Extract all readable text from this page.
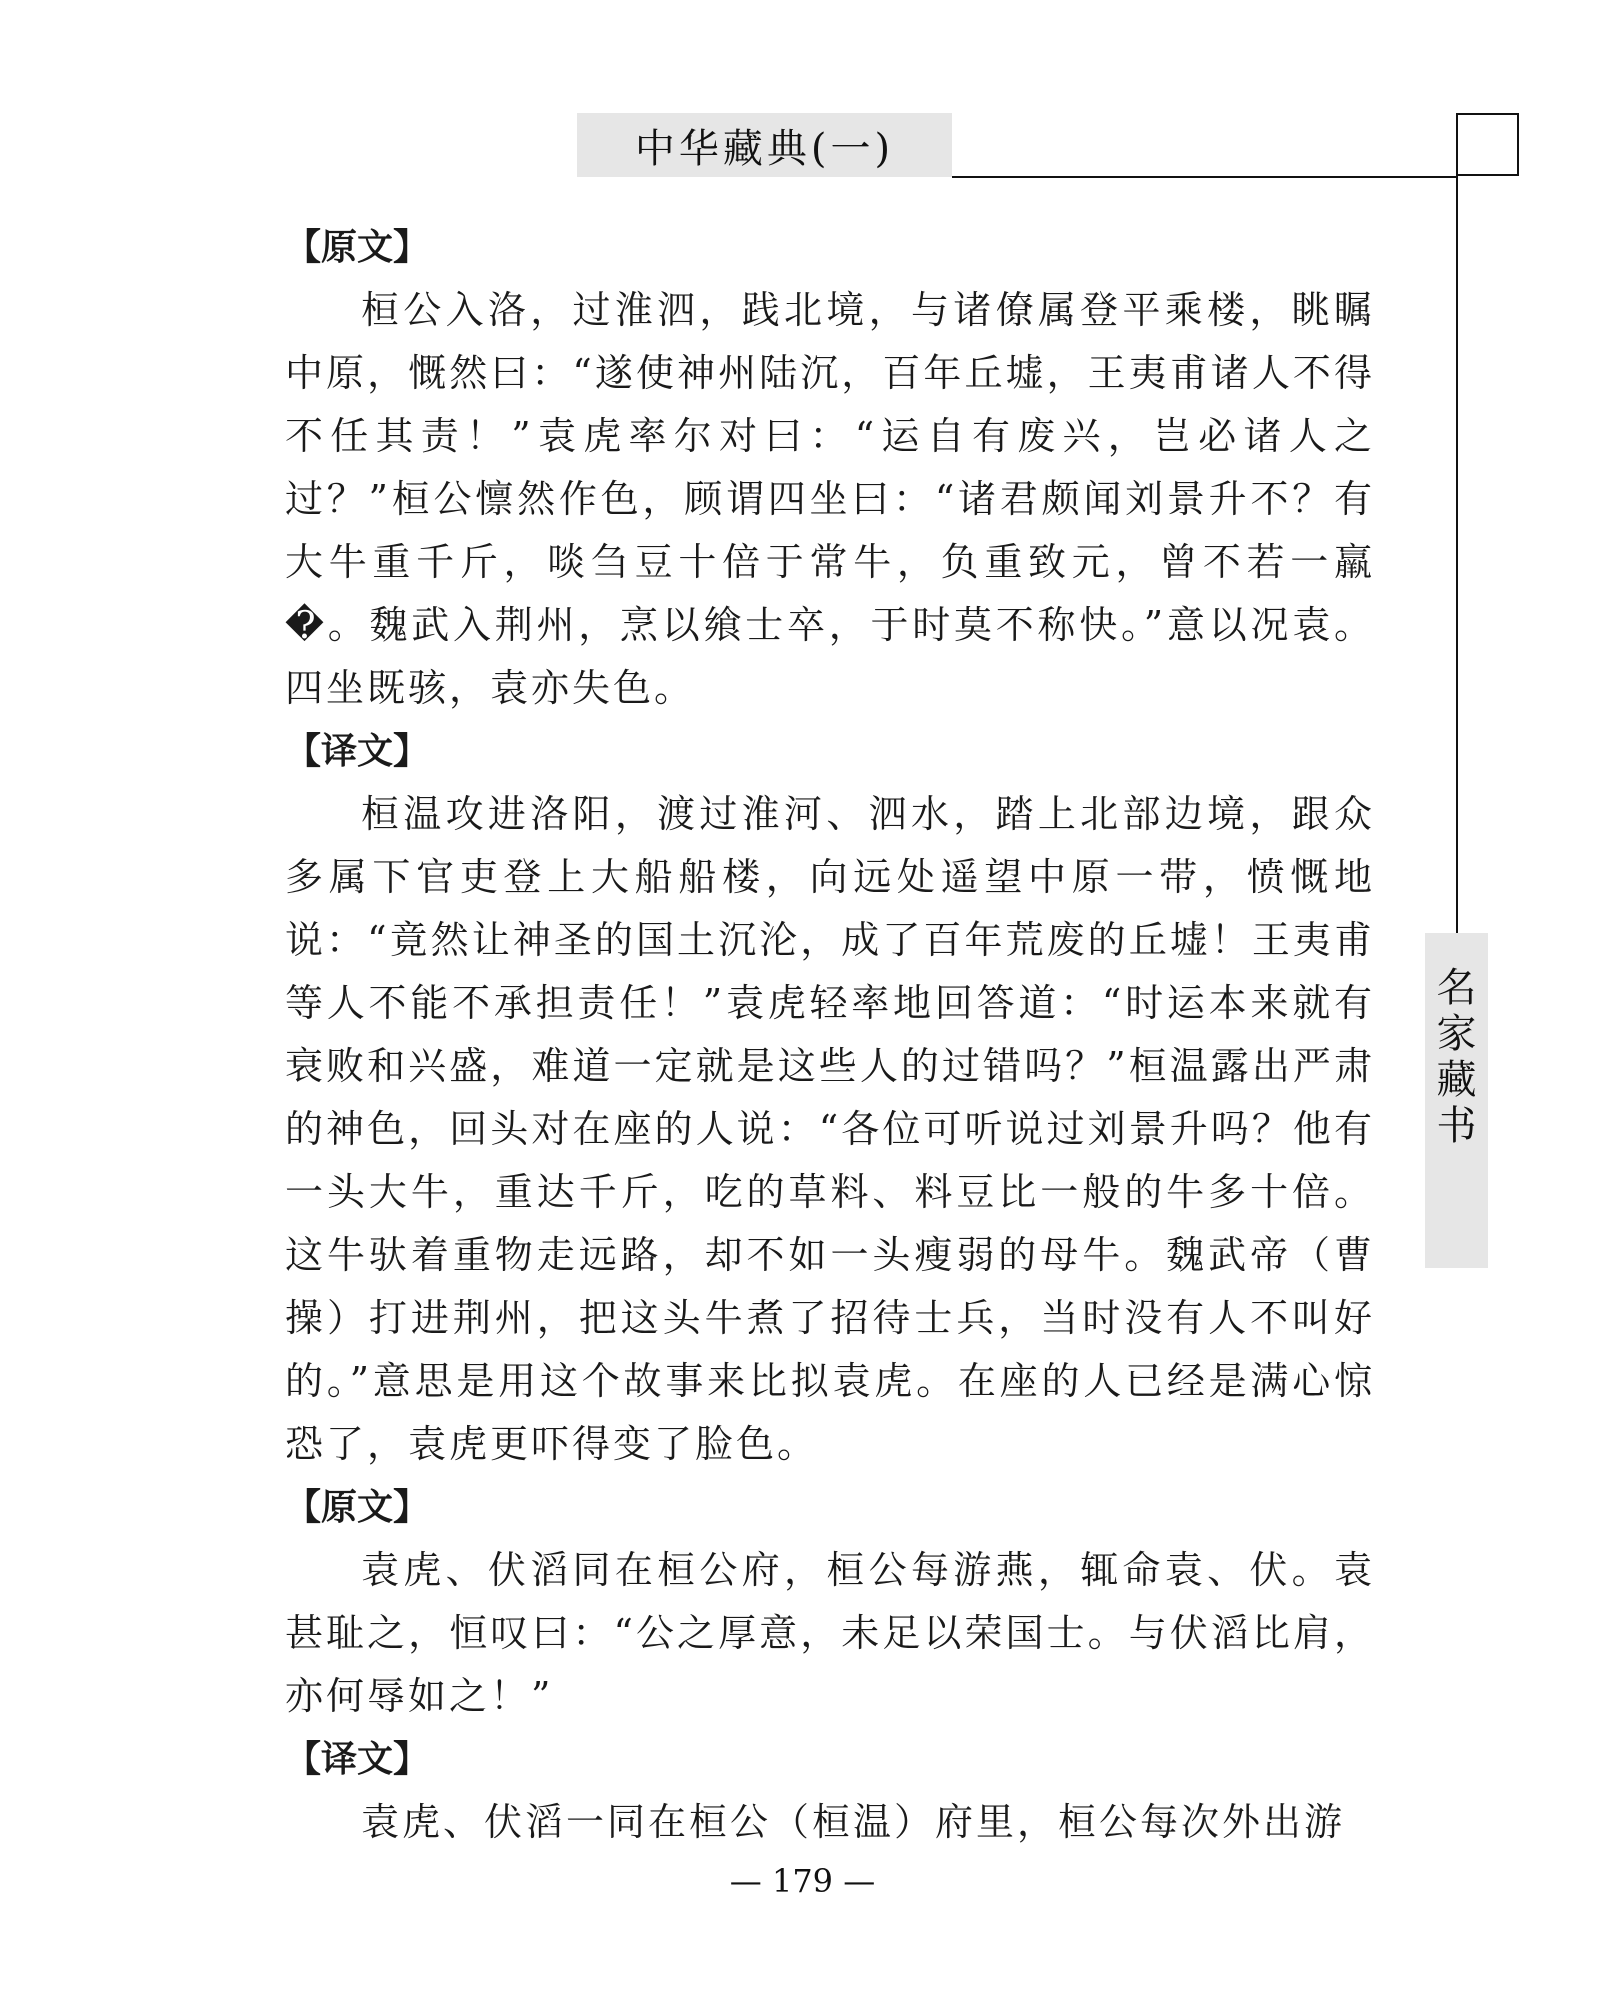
中华藏典(一)
名
家
藏
书
【原文】

桓公入洛，过淮泗，践北境，与诸僚属登平乘楼，眺瞩中原，慨然曰：“遂使神州陆沉，百年丘墟，王夷甫诸人不得不任其责！”袁虎率尔对曰：“运自有废兴，岂必诸人之过？”桓公懔然作色，顾谓四坐曰：“诸君颇闻刘景升不？有大牛重千斤，啖刍豆十倍于常牛，负重致元，曾不若一羸�。魏武入荆州，烹以飨士卒，于时莫不称快。”意以况袁。四坐既骇，袁亦失色。

【译文】

桓温攻进洛阳，渡过淮河、泗水，踏上北部边境，跟众多属下官吏登上大船船楼，向远处遥望中原一带，愤慨地说：“竟然让神圣的国土沉沦，成了百年荒废的丘墟！王夷甫等人不能不承担责任！”袁虎轻率地回答道：“时运本来就有衰败和兴盛，难道一定就是这些人的过错吗？”桓温露出严肃的神色，回头对在座的人说：“各位可听说过刘景升吗？他有一头大牛，重达千斤，吃的草料、料豆比一般的牛多十倍。这牛驮着重物走远路，却不如一头瘦弱的母牛。魏武帝（曹操）打进荆州，把这头牛煮了招待士兵，当时没有人不叫好的。”意思是用这个故事来比拟袁虎。在座的人已经是满心惊恐了，袁虎更吓得变了脸色。

【原文】

袁虎、伏滔同在桓公府，桓公每游燕，辄命袁、伏。袁甚耻之，恒叹曰：“公之厚意，未足以荣国士。与伏滔比肩，亦何辱如之！”

【译文】

袁虎、伏滔一同在桓公（桓温）府里，桓公每次外出游

— 179 —
